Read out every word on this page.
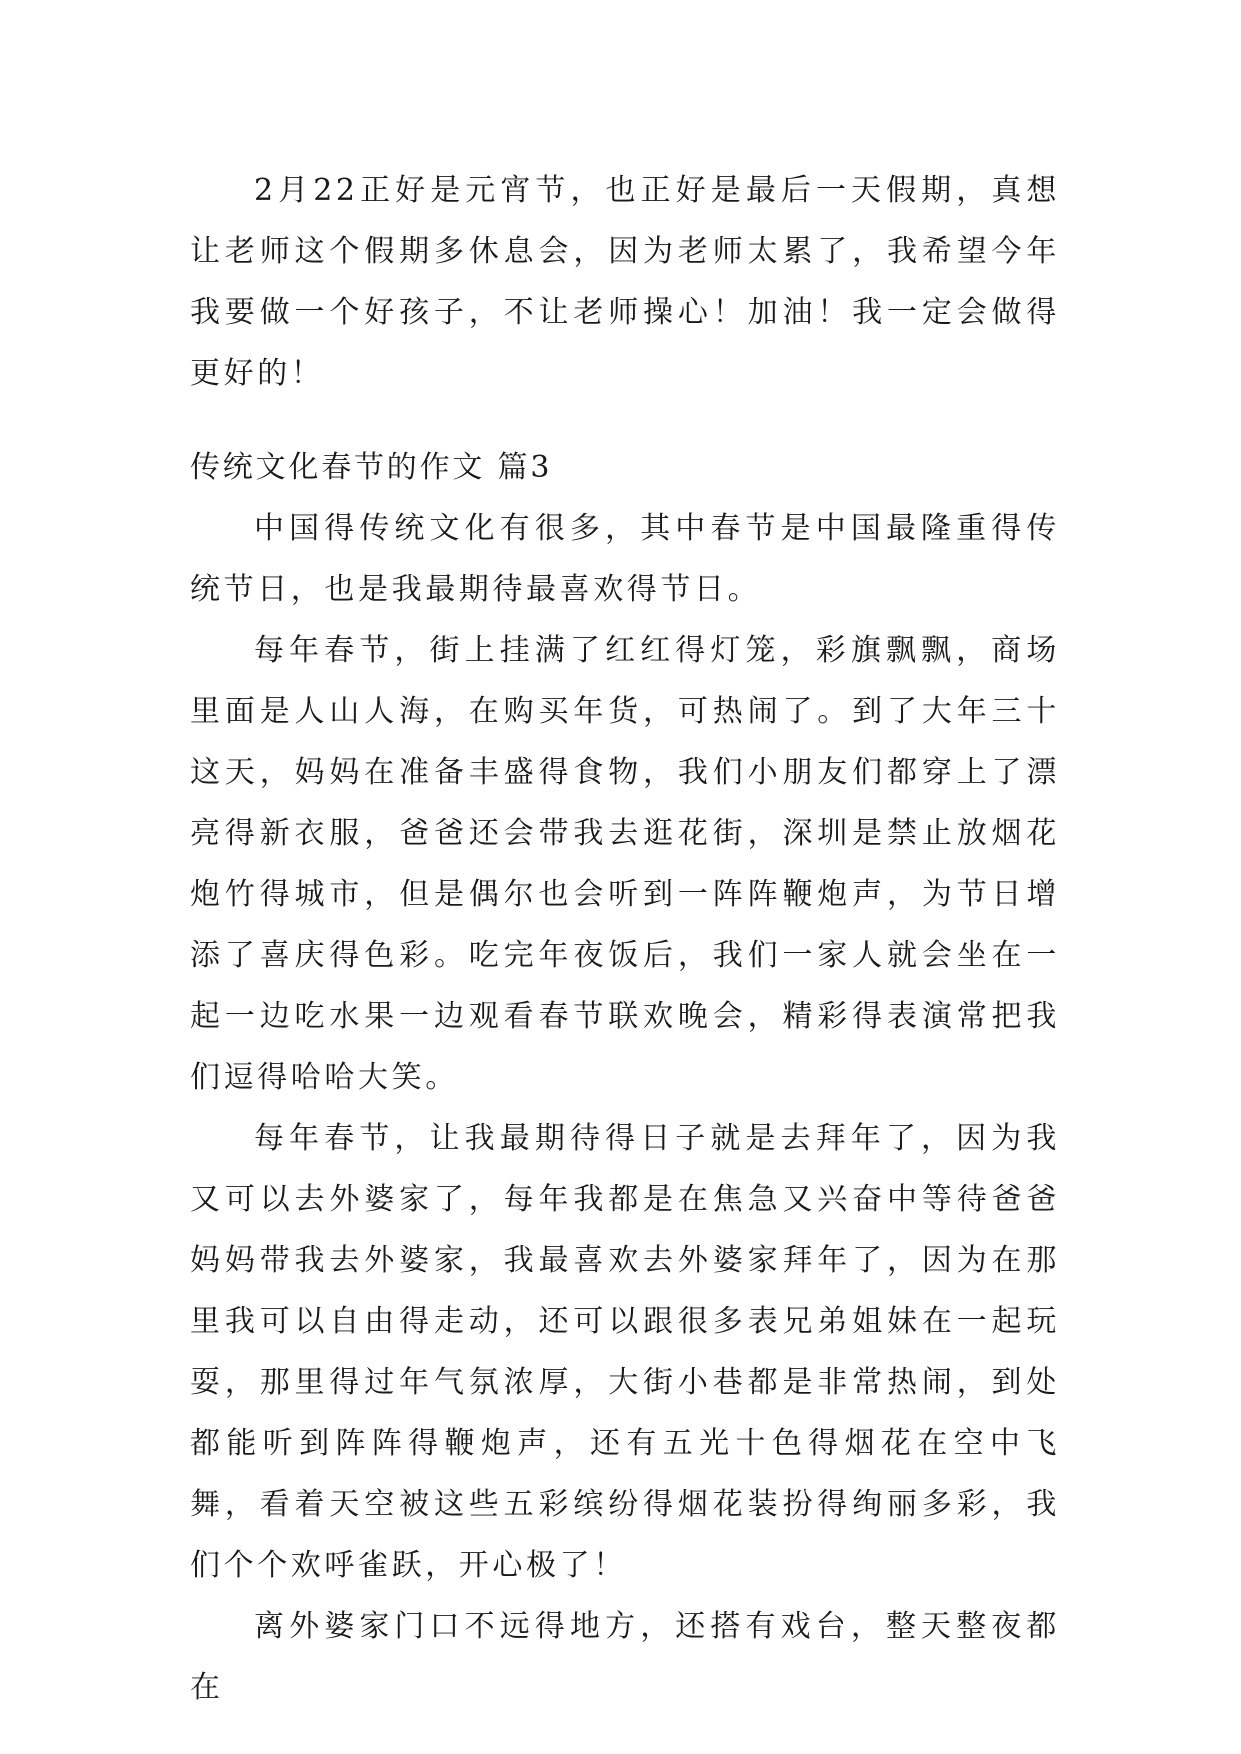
2月22正好是元宵节，也正好是最后一天假期，真想让老师这个假期多休息会，因为老师太累了，我希望今年我要做一个好孩子，不让老师操心！加油！我一定会做得更好的！

传统文化春节的作文 篇3

中国得传统文化有很多，其中春节是中国最隆重得传统节日，也是我最期待最喜欢得节日。

每年春节，街上挂满了红红得灯笼，彩旗飘飘，商场里面是人山人海，在购买年货，可热闹了。到了大年三十这天，妈妈在准备丰盛得食物，我们小朋友们都穿上了漂亮得新衣服，爸爸还会带我去逛花街，深圳是禁止放烟花炮竹得城市，但是偶尔也会听到一阵阵鞭炮声，为节日增添了喜庆得色彩。吃完年夜饭后，我们一家人就会坐在一起一边吃水果一边观看春节联欢晚会，精彩得表演常把我们逗得哈哈大笑。

每年春节，让我最期待得日子就是去拜年了，因为我又可以去外婆家了，每年我都是在焦急又兴奋中等待爸爸妈妈带我去外婆家，我最喜欢去外婆家拜年了，因为在那里我可以自由得走动，还可以跟很多表兄弟姐妹在一起玩耍，那里得过年气氛浓厚，大街小巷都是非常热闹，到处都能听到阵阵得鞭炮声，还有五光十色得烟花在空中飞舞，看着天空被这些五彩缤纷得烟花装扮得绚丽多彩，我们个个欢呼雀跃，开心极了！

离外婆家门口不远得地方，还搭有戏台，整天整夜都在
